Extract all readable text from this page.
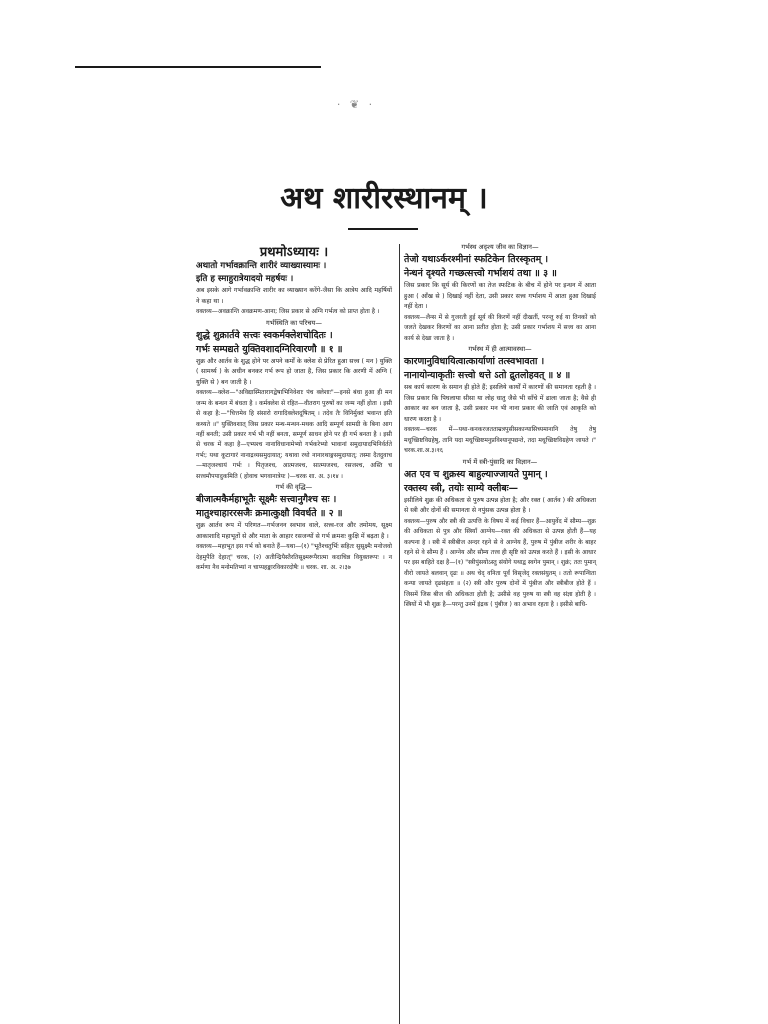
· ❦ ·
अथ शारीरस्थानम् ।

प्रथमोऽध्यायः ।

अथातो गर्भावक्रान्ति शारीरं व्याख्यास्यामः ।

इति ह स्माहुरात्रेयादयो महर्षयः ।

अब इसके आगे गर्भावक्रान्ति शारीर का व्याख्यान करेंगे-जैसा कि आत्रेय आदि महर्षियों ने कहा था ।

वक्तव्य—अवक्रान्ति अवक्रमण-आना; जिस प्रकार से अग्नि गर्भत्व को प्राप्त होता है ।

गर्भस्थिति का परिचय—

शुद्धे शुक्रार्तवे सत्त्वः स्वकर्मक्लेशचोदितः ।

गर्भः सम्पद्यते युक्तिवशादग्निरिवारणौ ॥ १ ॥

शुक्र और आर्तव के शुद्ध होने पर अपने कर्मों के क्लेश से प्रेरित हुआ सत्त्व ( मन ) युक्ति ( सामर्थ्य ) के अधीन बनकर गर्भ रूप हो जाता है, जिस प्रकार कि अरणी में अग्नि ( युक्ति से ) बन जाती है ।

वक्तव्य—क्लेश—"अविद्यास्मितारागद्वेषाभिनिवेशाः पंच क्लेशाः"—इनसे बंधा हुआ ही मन जन्म के बन्धन में बंधता है । कर्मक्लेश से रहित—वीतराग पुरुषों का जन्म नहीं होता । इसी से कहा है:—"चित्तमेव हि संसारो रागादिक्लेशदूषितम् । तदेव तैः विनिर्मुक्तं भवान्त इति कथ्यते ॥" युक्तिवशात् जिस प्रकार मन्थ-मन्थन-मथक आदि सम्पूर्ण सामग्री के बिना आग नहीं बनती; उसी प्रकार गर्भ भी नहीं बनता, सम्पूर्ण साधन होने पर ही गर्भ बनता है । इसी से चरक में कहा है—एभ्यश्च नानाविधानामेभ्यो गर्भकरेभ्यो भावानां समुदायादभिनिर्वर्तते गर्भः; यथा कूटागारं नानाद्रव्यसमुदायात्; यथावा रथो नानारथाङ्गसमुदायात्; तस्मा दैतदुवाच—मातृजश्चायं गर्भः । पितृजश्च, आत्मजश्च, सात्म्यजश्च, रसजश्च, अस्ति च सत्त्वमौपपादुकमिति ( होवाच भगवानात्रेयः )—चरक शा. अ. ३।१४ ।

गर्भ की वृद्धि—

बीजात्मकैर्महाभूतैः सूक्ष्मैः सत्त्वानुगैश्च सः ।

मातुश्चाहाररसजैः क्रमात्कुक्षौ विवर्धते ॥ २ ॥

शुक्र आर्तव रूप में परिणत—गर्भजनन स्वभाव वाले, सत्त्व-रज और तमोमय, सूक्ष्म आकाशादि महाभूतों से और माता के आहार रसजन्यों से गर्भ क्रमशः कुक्षि में बढ़ता है ।

वक्तव्य—महाभूत इस गर्भ को बनाते हैं—यथा—(१) "भूतैश्चतुर्भिः सहितः सुसूक्ष्मैः मनोजवो देहमुपैति देहात्" चरक, (२) अतीन्द्रियैस्तैरतिसूक्ष्मरूपैरात्मा कदाचिन्न वियुक्तरूपः । न कर्मणा नैव मनोमतिभ्यां न चाप्यहङ्कारविकारदोषैः ॥ चरक. शा. अ. २।३७

गर्भस्थ अदृश्य जीव का विज्ञान—

तेजो यथाऽर्करश्मीनां स्फटिकेन तिरस्कृतम् ।

नेन्धनं दृश्यते गच्छत्सत्त्वो गर्भाशयं तथा ॥ ३ ॥

जिस प्रकार कि सूर्य की किरणों का तेज स्फटिक के बीच में होने पर इन्धन में आता हुआ ( आँख से ) दिखाई नहीं देता, उसी प्रकार सत्त्व गर्भाशय में आता हुआ दिखाई नहीं देता ।

वक्तव्य—लैन्स में से गुजरती हुई सूर्य की किरणें नहीं दीखतीं, परन्तु रुई या तिनकों को जलते देखकर किरणों का आना प्रतीत होता है; उसी प्रकार गर्भाशय में सत्त्व का आना कार्य से देखा जाता है ।

गर्भस्थ में ही आत्मावस्था—

कारणानुविधायित्वात्कार्याणां तत्स्वभावता ।

नानायोन्याकृतीः सत्त्वो धत्ते ऽतो द्रुतलोहवत् ॥ ४ ॥

सब कार्य कारण के समान ही होते हैं; इसलिये कार्यों में कारणों की समानता रहती है । जिस प्रकार कि पिघलाया सीसा या लोह धातु जैसे भी साँचे में ढाला जाता है; वैसे ही आकार का बन जाता है, उसी प्रकार मन भी नाना प्रकार की जाति एवं आकृति को धारण करता है ।

वक्तव्य—चरक में—यथा-कनकरजतताम्रत्रपुसीसकान्यासिच्यमानानि तेषु तेषु मधूच्छिष्टविग्रहेषु, तानि यदा मधूच्छिष्टमनुप्रविश्यानूपद्यन्ते, तदा मधूच्छिष्टविग्रहेण जायते ।" चरक.शा.अ.३।१६

गर्भ में स्त्री-पुंसादि का विज्ञान—

अत एव च शुक्रस्य बाहुल्याज्जायते पुमान् ।

रक्तस्य स्त्री, तयोः साम्ये क्लीबः—

इसीलिये शुक्र की अधिकता से पुरुष उत्पन्न होता है; और रक्त ( आर्तव ) की अधिकता से स्त्री और दोनों की समानता से नपुंसक उत्पन्न होता है ।

वक्तव्य—पुरुष और स्त्री की उत्पत्ति के विषय में कई विचार हैं—आयुर्वेद में सौम्य—शुक्र की अधिकता से पुत्र और स्त्रियाँ आग्नेय—रक्त की अधिकता से उत्पन्न होती हैं—यह कल्पना है । स्त्री में स्त्रीबीज अन्दर रहने से वे आग्नेय हैं, पुरुष में पुंबीज शरीर के बाहर रहने से वे सौम्य हैं । आग्नेय और सौम्य तत्त्व ही सृष्टि को उत्पन्न करते हैं । इसी के आधार पर इस बाहिते दक्ष है—(१) "स्त्रीपुंसयोऽस्तु संयोगे यथाद्व स्वगेन पुमान् । शुक्रं; ततः पुमान् वीरो जायते बलवान् दृढः ॥ अथ चेद् वनिता पूर्वं विसृजेद् रक्तसंयुतम् । ततो रूपान्विता कन्या जायते दृढसंहता ॥ (२) स्त्री और पुरुष दोनों में पुंबीज और स्त्रीबीज होते हैं । जिसमें जिस बीज की अधिकता होती है; उसीसे वह पुरुष या स्त्री वह संज्ञा होती है । स्त्रियों में भी शुक्र है—परन्तु उनमें इंद्रक ( पुंबीज ) का अभाव रहता है । इसीसे बाधि-
